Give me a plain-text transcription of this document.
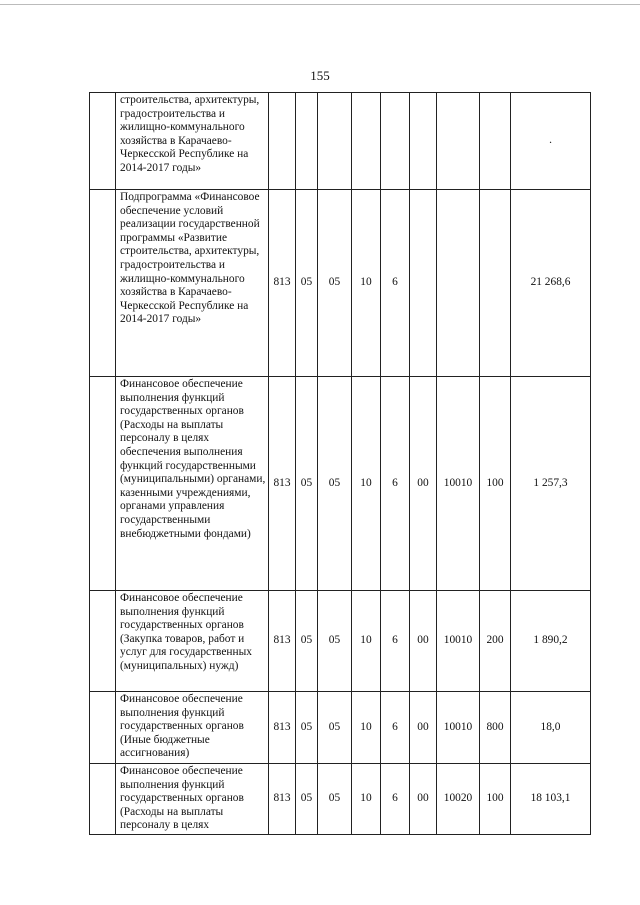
155
	строительства, архитектуры, градостроительства и жилищно-коммунального хозяйства в Карачаево-Черкесской Республике на 2014-2017 годы»									.
	Подпрограмма «Финансовое обеспечение условий реализации государственной программы «Развитие строительства, архитектуры, градостроительства и жилищно-коммунального хозяйства в Карачаево-Черкесской Республике на 2014-2017 годы»	813	05	05	10	6				21 268,6
	Финансовое обеспечение выполнения функций государственных органов (Расходы на выплаты персоналу в целях обеспечения выполнения функций государственными (муниципальными) органами, казенными учреждениями, органами управления государственными внебюджетными фондами)	813	05	05	10	6	00	10010	100	1 257,3
	Финансовое обеспечение выполнения функций государственных органов (Закупка товаров, работ и услуг для государственных (муниципальных) нужд)	813	05	05	10	6	00	10010	200	1 890,2
	Финансовое обеспечение выполнения функций государственных органов (Иные бюджетные ассигнования)	813	05	05	10	6	00	10010	800	18,0
	Финансовое обеспечение выполнения функций государственных органов (Расходы на выплаты персоналу в целях	813	05	05	10	6	00	10020	100	18 103,1
